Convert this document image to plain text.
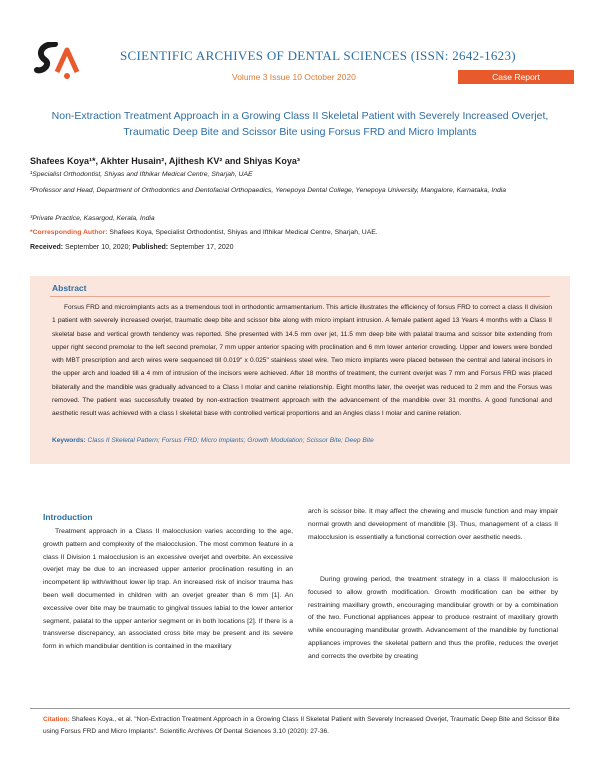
SCIENTIFIC ARCHIVES OF DENTAL SCIENCES (ISSN: 2642-1623)
Volume 3 Issue 10 October 2020	Case Report
Non-Extraction Treatment Approach in a Growing Class II Skeletal Patient with Severely Increased Overjet, Traumatic Deep Bite and Scissor Bite using Forsus FRD and Micro Implants
Shafees Koya¹*, Akhter Husain², Ajithesh KV² and Shiyas Koya³
¹Specialist Orthodontist, Shiyas and Ifthikar Medical Centre, Sharjah, UAE
²Professor and Head, Department of Orthodontics and Dentofacial Orthopaedics, Yenepoya Dental College, Yenepoya University, Mangalore, Karnataka, India
³Private Practice, Kasargod, Kerala, India
*Corresponding Author: Shafees Koya, Specialist Orthodontist, Shiyas and Ifthikar Medical Centre, Sharjah, UAE.
Received: September 10, 2020; Published: September 17, 2020
Abstract
Forsus FRD and microimplants acts as a tremendous tool in orthodontic armamentarium. This article illustrates the efficiency of forsus FRD to correct a class II division 1 patient with severely increased overjet, traumatic deep bite and scissor bite along with micro implant intrusion. A female patient aged 13 Years 4 months with a Class II skeletal base and vertical growth tendency was reported. She presented with 14.5 mm over jet, 11.5 mm deep bite with palatal trauma and scissor bite extending from upper right second premolar to the left second premolar, 7 mm upper anterior spacing with proclination and 6 mm lower anterior crowding. Upper and lowers were bonded with MBT prescription and arch wires were sequenced till 0.019" x 0.025" stainless steel wire. Two micro implants were placed between the central and lateral incisors in the upper arch and loaded till a 4 mm of intrusion of the incisors were achieved. After 18 months of treatment, the current overjet was 7 mm and Forsus FRD was placed bilaterally and the mandible was gradually advanced to a Class I molar and canine relationship. Eight months later, the overjet was reduced to 2 mm and the Forsus was removed. The patient was successfully treated by non-extraction treatment approach with the advancement of the mandible over 31 months. A good functional and aesthetic result was achieved with a class I skeletal base with controlled vertical proportions and an Angles class I molar and canine relation.
Keywords: Class II Skeletal Pattern; Forsus FRD; Micro Implants; Growth Modulation; Scissor Bite; Deep Bite
Introduction
Treatment approach in a Class II malocclusion varies according to the age, growth pattern and complexity of the malocclusion. The most common feature in a class II Division 1 malocclusion is an excessive overjet and overbite. An excessive overjet may be due to an increased upper anterior proclination resulting in an incompetent lip with/without lower lip trap. An increased risk of incisor trauma has been well documented in children with an overjet greater than 6 mm [1]. An excessive over bite may be traumatic to gingival tissues labial to the lower anterior segment, palatal to the upper anterior segment or in both locations [2]. If there is a transverse discrepancy, an associated cross bite may be present and its severe form in which mandibular dentition is contained in the maxillary
arch is scissor bite. It may affect the chewing and muscle function and may impair normal growth and development of mandible [3]. Thus, management of a class II malocclusion is essentially a functional correction over aesthetic needs.
During growing period, the treatment strategy in a class II malocclusion is focused to allow growth modification. Growth modification can be either by restraining maxillary growth, encouraging mandibular growth or by a combination of the two. Functional appliances appear to produce restraint of maxillary growth while encouraging mandibular growth. Advancement of the mandible by functional appliances improves the skeletal pattern and thus the profile, reduces the overjet and corrects the overbite by creating
Citation: Shafees Koya., et al. "Non-Extraction Treatment Approach in a Growing Class II Skeletal Patient with Severely Increased Overjet, Traumatic Deep Bite and Scissor Bite using Forsus FRD and Micro Implants". Scientific Archives Of Dental Sciences 3.10 (2020): 27-36.
